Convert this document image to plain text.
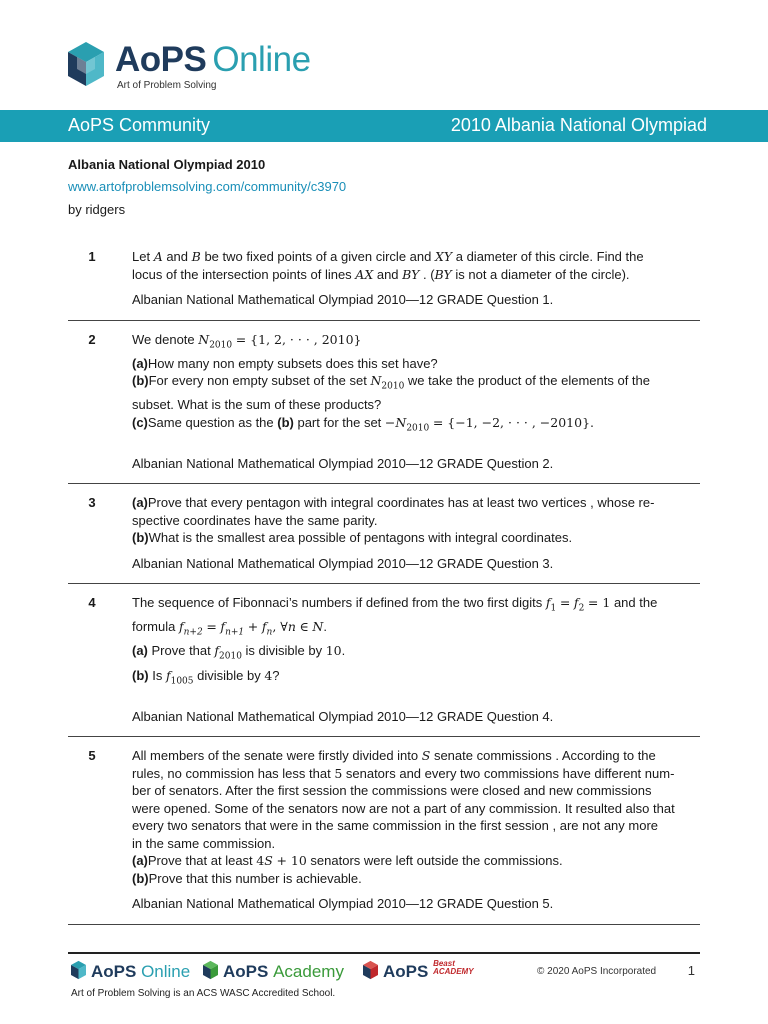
AoPS Online
Art of Problem Solving
AoPS Community	2010 Albania National Olympiad
Albania National Olympiad 2010
www.artofproblemsolving.com/community/c3970
by ridgers
1	Let A and B be two fixed points of a given circle and XY a diameter of this circle. Find the

locus of the intersection points of lines AX and BY . (BY is not a diameter of the circle).

Albanian National Mathematical Olympiad 2010—12 GRADE Question 1.

2	We denote $N_{2010} = \{1$, 2, · · · , 2010}

(a)How many non empty subsets does this set have?

(b)For every non empty subset of the set $N_{2010}$ we take the product of the elements of the

subset. What is the sum of these products?

(c)Same question as the (b) part for the set $-N_{2010} = \{-1$, −2, · · · , −2010}.

Albanian National Mathematical Olympiad 2010—12 GRADE Question 2.

3	(a)Prove that every pentagon with integral coordinates has at least two vertices , whose re-

spective coordinates have the same parity.

(b)What is the smallest area possible of pentagons with integral coordinates.

Albanian National Mathematical Olympiad 2010—12 GRADE Question 3.

4	The sequence of Fibonnaci’s numbers if defined from the two first digits $f_1 = f_2 = 1$ and the

formula $f_{n+2} = f_{n+1} + f_n$, ∀n ∈ N.

(a) Prove that $f_{2010}$ is divisible by 10.

(b) Is $f_{1005}$ divisible by 4?

Albanian National Mathematical Olympiad 2010—12 GRADE Question 4.

5	All members of the senate were firstly divided into S senate commissions . According to the

rules, no commission has less that 5 senators and every two commissions have different num-

ber of senators. After the first session the commissions were closed and new commissions

were opened. Some of the senators now are not a part of any commission. It resulted also that

every two senators that were in the same commission in the first session , are not any more

in the same commission.

(a)Prove that at least 4S + 10 senators were left outside the commissions.

(b)Prove that this number is achievable.

Albanian National Mathematical Olympiad 2010—12 GRADE Question 5.

AoPS Online	AoPS Academy	AoPS Beast
ACADEMY	© 2020 AoPS Incorporated 1
Art of Problem Solving is an ACS WASC Accredited School.
